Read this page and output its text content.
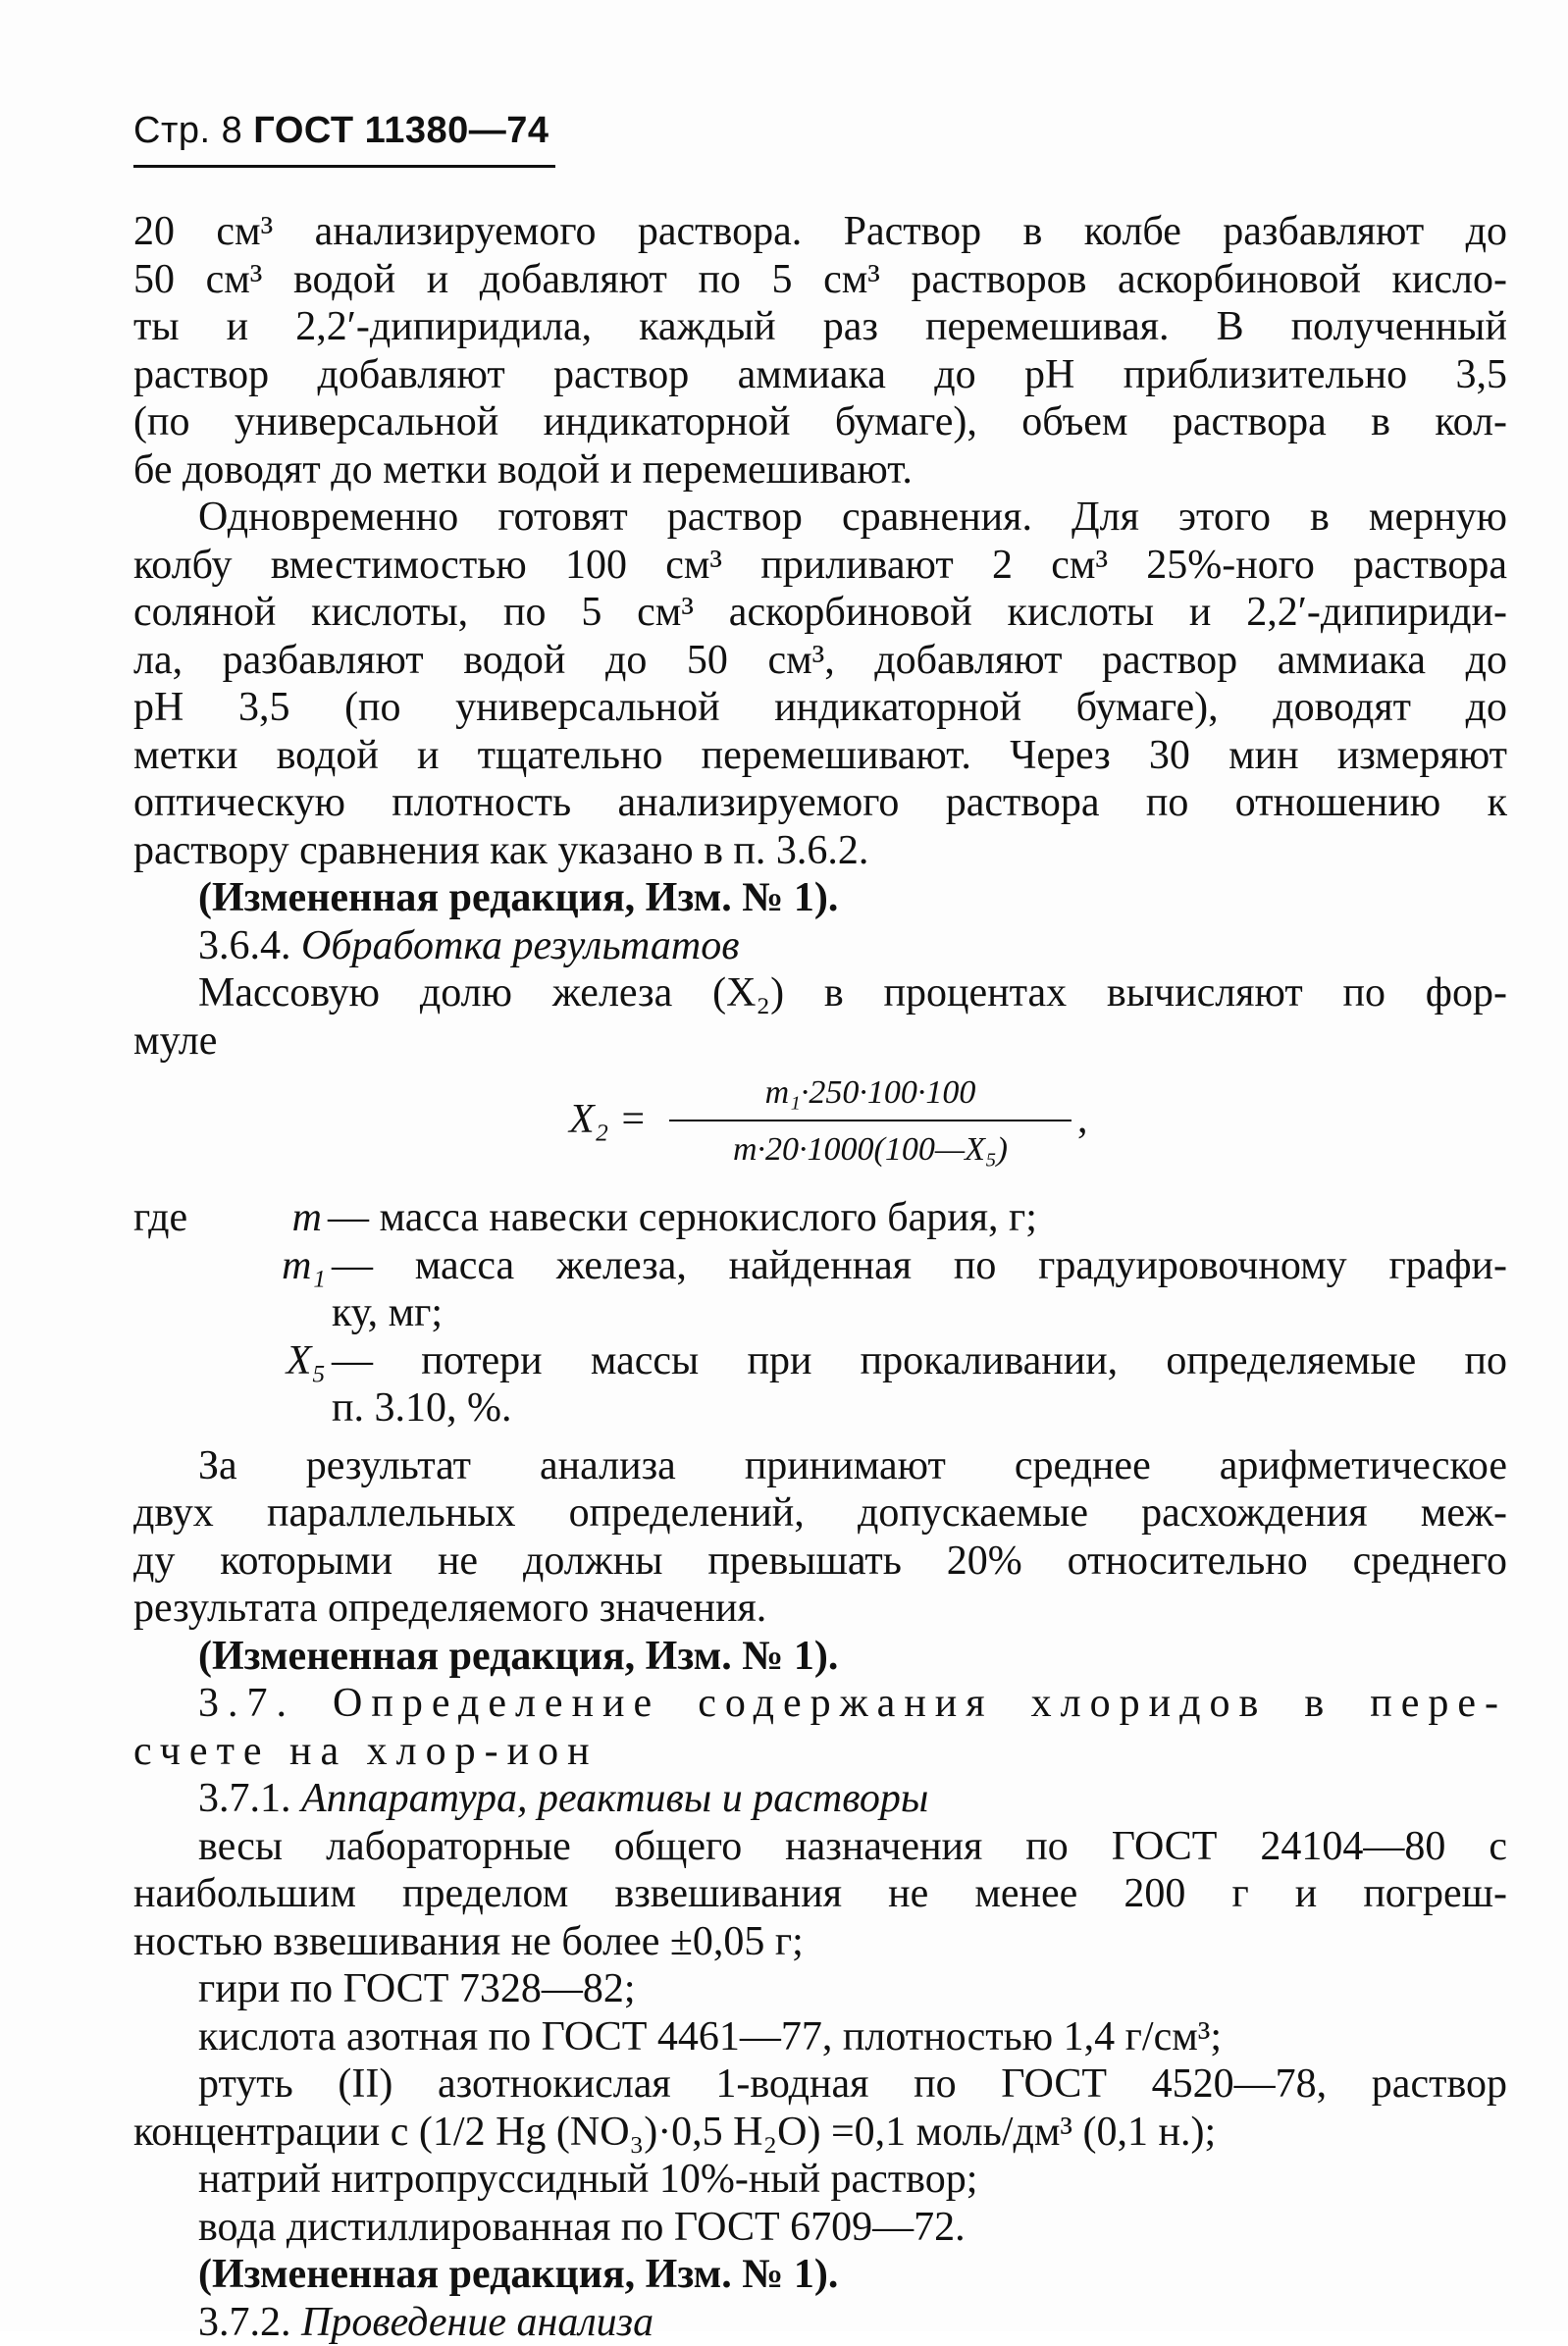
Стр. 8 ГОСТ 11380—74
20 см³ анализируемого раствора. Раствор в колбе разбавляют до
50 см³ водой и добавляют по 5 см³ растворов аскорбиновой кисло-
ты и 2,2′-дипиридила, каждый раз перемешивая. В полученный
раствор добавляют раствор аммиака до pH приблизительно 3,5
(по универсальной индикаторной бумаге), объем раствора в кол-
бе доводят до метки водой и перемешивают.
Одновременно готовят раствор сравнения. Для этого в мерную
колбу вместимостью 100 см³ приливают 2 см³ 25%-ного раствора
соляной кислоты, по 5 см³ аскорбиновой кислоты и 2,2′-дипириди-
ла, разбавляют водой до 50 см³, добавляют раствор аммиака до
pH 3,5 (по универсальной индикаторной бумаге), доводят до
метки водой и тщательно перемешивают. Через 30 мин измеряют
оптическую плотность анализируемого раствора по отношению к
раствору сравнения как указано в п. 3.6.2.
(Измененная редакция, Изм. № 1).
3.6.4. Обработка результатов
Массовую долю железа (X₂) в процентах вычисляют по фор-
муле
X₂ =
m₁·250·100·100
m·20·1000(100—X₅)
,
где	m — масса навески сернокислого бария, г;
m₁ — масса железа, найденная по градуировочному графи-
ку, мг;
X₅ — потери массы при прокаливании, определяемые по
п. 3.10, %.
За результат анализа принимают среднее арифметическое
двух параллельных определений, допускаемые расхождения меж-
ду которыми не должны превышать 20% относительно среднего
результата определяемого значения.
(Измененная редакция, Изм. № 1).
3.7. Определение содержания хлоридов в пере-
счете на хлор-ион
3.7.1. Аппаратура, реактивы и растворы
весы лабораторные общего назначения по ГОСТ 24104—80 с
наибольшим пределом взвешивания не менее 200 г и погреш-
ностью взвешивания не более ±0,05 г;
гири по ГОСТ 7328—82;
кислота азотная по ГОСТ 4461—77, плотностью 1,4 г/см³;
ртуть (II) азотнокислая 1-водная по ГОСТ 4520—78, раствор
концентрации c (1/2 Hg (NO₃)·0,5 H₂O) =0,1 моль/дм³ (0,1 н.);
натрий нитропруссидный 10%-ный раствор;
вода дистиллированная по ГОСТ 6709—72.
(Измененная редакция, Изм. № 1).
3.7.2. Проведение анализа
